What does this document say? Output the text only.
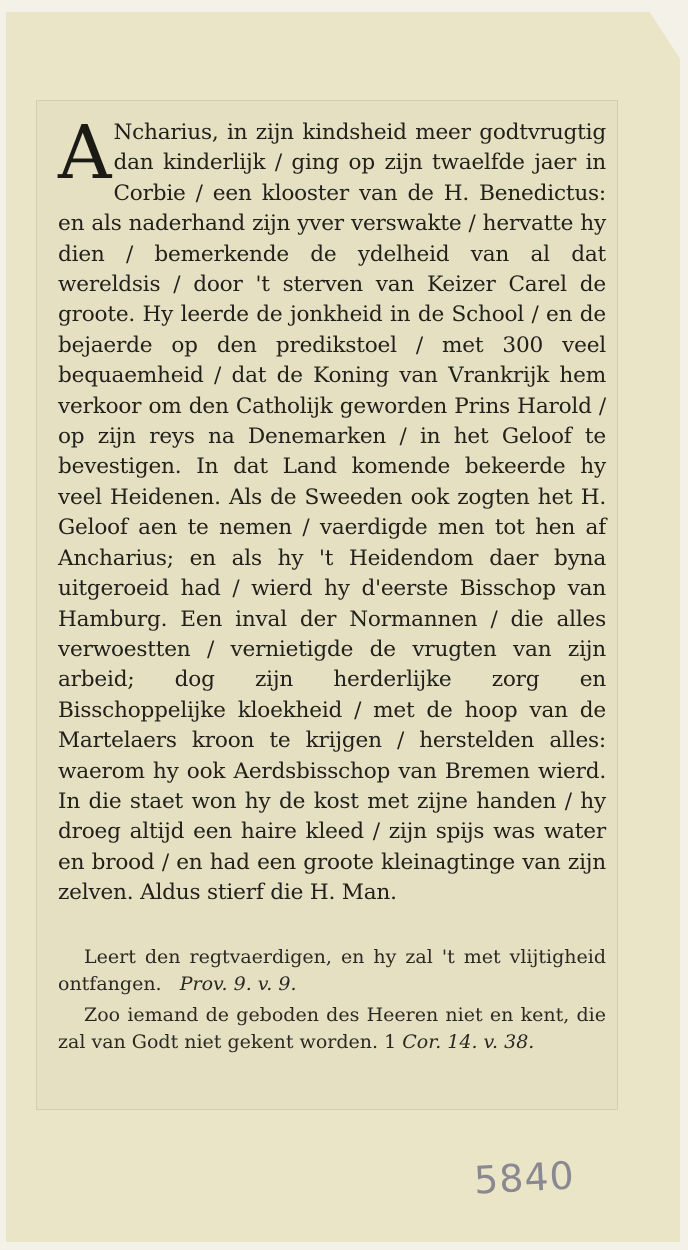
A Ncharius, in zijn kindsheid meer godtvrugtig dan kinderlijk / ging op zijn twaelfde jaer in Corbie / een klooster van de H. Benedictus: en als naderhand zijn yver verswakte / hervatte hy dien / bemerkende de ydelheid van al dat wereldsis / door 't sterven van Keizer Carel de groote. Hy leerde de jonkheid in de School / en de bejaerde op den predikstoel / met 300 veel bequaemheid / dat de Koning van Vrankrijk hem verkoor om den Catholijk geworden Prins Harold / op zijn reys na Denemarken / in het Geloof te bevestigen. In dat Land komende bekeerde hy veel Heidenen. Als de Sweeden ook zogten het H. Geloof aen te nemen / vaerdigde men tot hen af Ancharius; en als hy 't Heidendom daer byna uitgeroeid had / wierd hy d'eerste Bisschop van Hamburg. Een inval der Normannen / die alles verwoestten / vernietigde de vrugten van zijn arbeid; dog zijn herderlijke zorg en Bisschoppelijke kloekheid / met de hoop van de Martelaers kroon te krijgen / herstelden alles: waerom hy ook Aerdsbisschop van Bremen wierd. In die staet won hy de kost met zijne handen / hy droeg altijd een haire kleed / zijn spijs was water en brood / en had een groote kleinagtinge van zijn zelven. Aldus stierf die H. Man.

Leert den regtvaerdigen, en hy zal 't met vlijtigheid ontfangen. Prov. 9. v. 9.

Zoo iemand de geboden des Heeren niet en kent, die zal van Godt niet gekent worden. 1 Cor. 14. v. 38.

5840
